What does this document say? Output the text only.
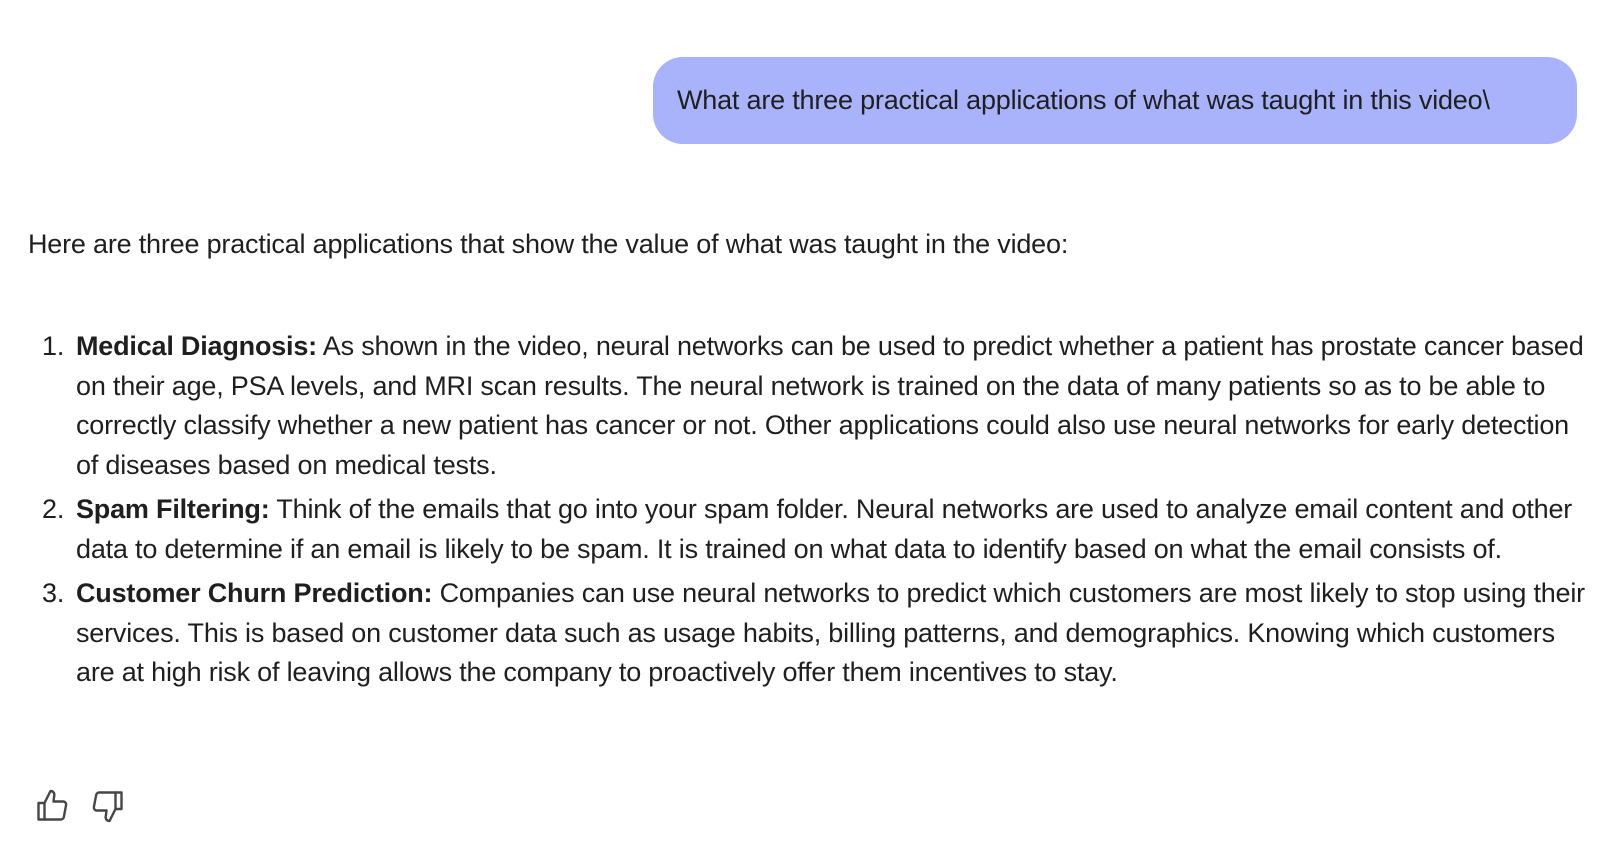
What are three practical applications of what was taught in this video\
Here are three practical applications that show the value of what was taught in the video:
1. Medical Diagnosis: As shown in the video, neural networks can be used to predict whether a patient has prostate cancer based on their age, PSA levels, and MRI scan results. The neural network is trained on the data of many patients so as to be able to correctly classify whether a new patient has cancer or not. Other applications could also use neural networks for early detection of diseases based on medical tests.
2. Spam Filtering: Think of the emails that go into your spam folder. Neural networks are used to analyze email content and other data to determine if an email is likely to be spam. It is trained on what data to identify based on what the email consists of.
3. Customer Churn Prediction: Companies can use neural networks to predict which customers are most likely to stop using their services. This is based on customer data such as usage habits, billing patterns, and demographics. Knowing which customers are at high risk of leaving allows the company to proactively offer them incentives to stay.
